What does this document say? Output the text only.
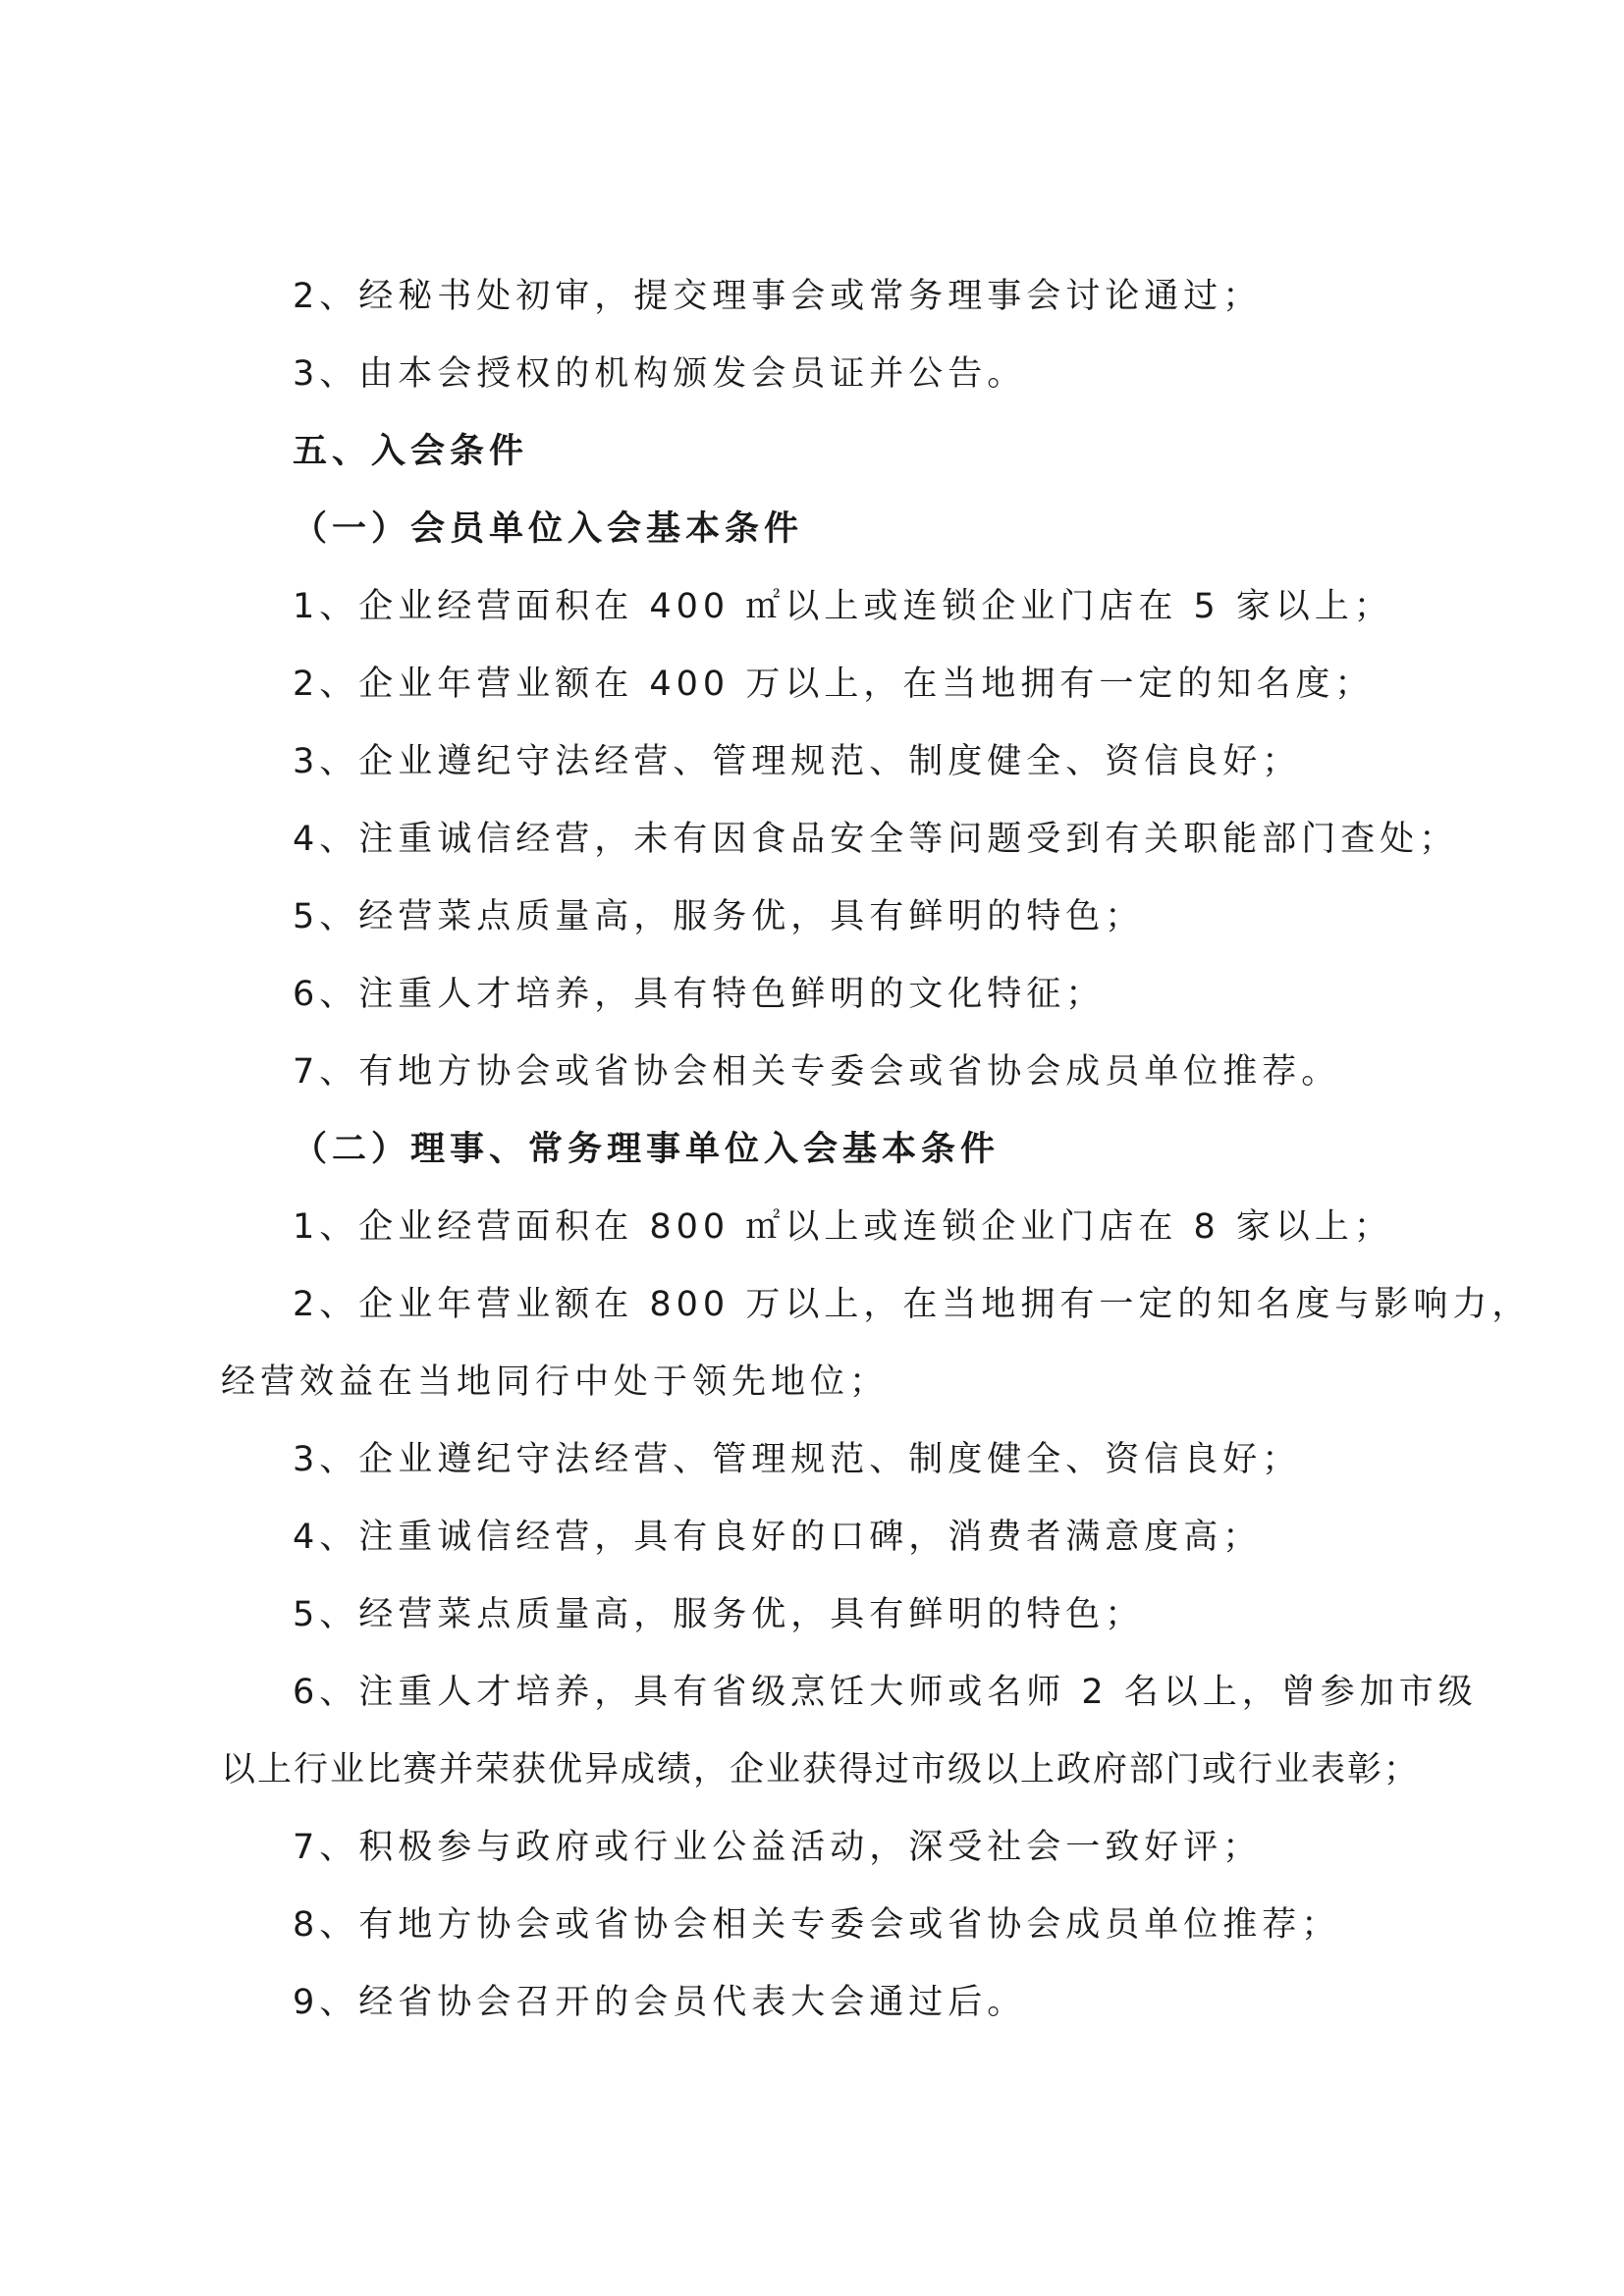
2、经秘书处初审，提交理事会或常务理事会讨论通过；
3、由本会授权的机构颁发会员证并公告。
五、入会条件
（一）会员单位入会基本条件
1、企业经营面积在 400 ㎡以上或连锁企业门店在 5 家以上；
2、企业年营业额在 400 万以上，在当地拥有一定的知名度；
3、企业遵纪守法经营、管理规范、制度健全、资信良好；
4、注重诚信经营，未有因食品安全等问题受到有关职能部门查处；
5、经营菜点质量高，服务优，具有鲜明的特色；
6、注重人才培养，具有特色鲜明的文化特征；
7、有地方协会或省协会相关专委会或省协会成员单位推荐。
（二）理事、常务理事单位入会基本条件
1、企业经营面积在 800 ㎡以上或连锁企业门店在 8 家以上；
2、企业年营业额在 800 万以上，在当地拥有一定的知名度与影响力，
经营效益在当地同行中处于领先地位；
3、企业遵纪守法经营、管理规范、制度健全、资信良好；
4、注重诚信经营，具有良好的口碑，消费者满意度高；
5、经营菜点质量高，服务优，具有鲜明的特色；
6、注重人才培养，具有省级烹饪大师或名师 2 名以上，曾参加市级
以上行业比赛并荣获优异成绩，企业获得过市级以上政府部门或行业表彰；
7、积极参与政府或行业公益活动，深受社会一致好评；
8、有地方协会或省协会相关专委会或省协会成员单位推荐；
9、经省协会召开的会员代表大会通过后。
